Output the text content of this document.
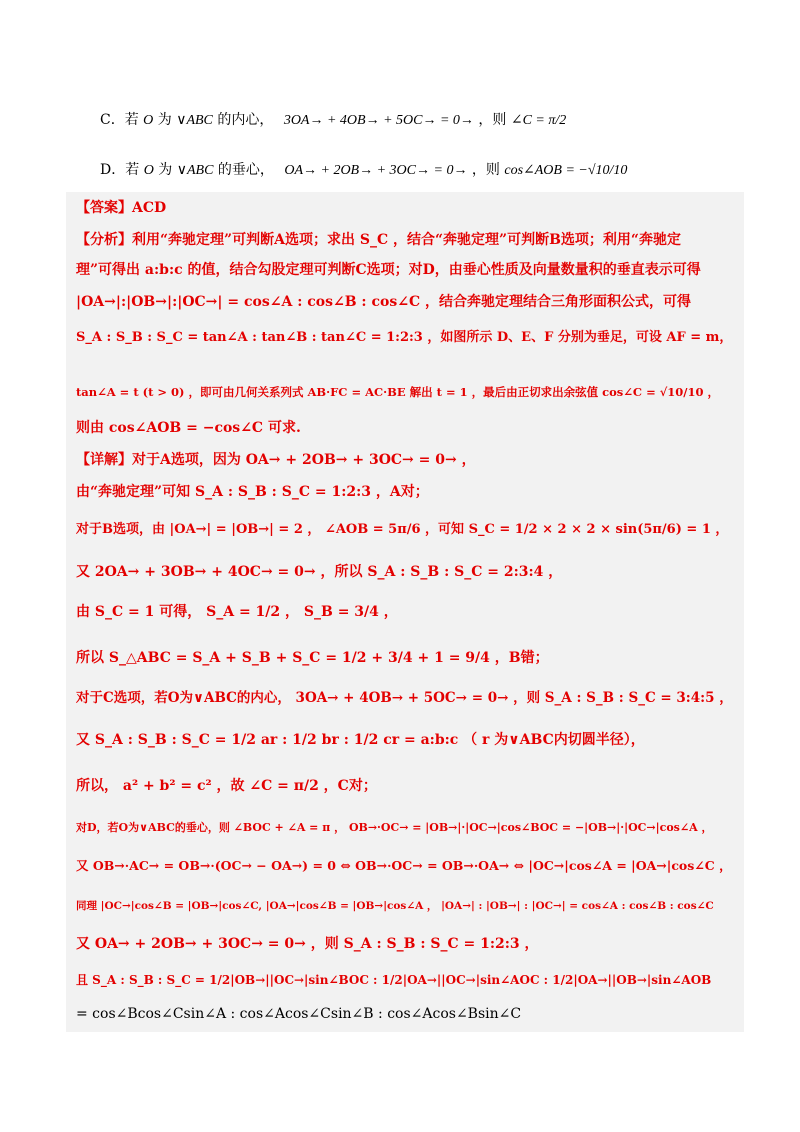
C．若 O 为 ∨ABC 的内心， 3OA→ + 4OB→ + 5OC→ = 0→ ，则 ∠C = π/2
D．若 O 为 ∨ABC 的垂心， OA→ + 2OB→ + 3OC→ = 0→ ，则 cos∠AOB = −√10/10
【答案】ACD
【分析】利用“奔驰定理”可判断A选项；求出 S_C ，结合“奔驰定理”可判断B选项；利用“奔驰定
理”可得出 a:b:c 的值，结合勾股定理可判断C选项；对D，由垂心性质及向量数量积的垂直表示可得
|OA→|:|OB→|:|OC→| = cos∠A : cos∠B : cos∠C ，结合奔驰定理结合三角形面积公式，可得
S_A : S_B : S_C = tan∠A : tan∠B : tan∠C = 1:2:3 ，如图所示 D、E、F 分别为垂足，可设 AF = m，
tan∠A = t (t > 0) ，即可由几何关系列式 AB·FC = AC·BE 解出 t = 1 ，最后由正切求出余弦值 cos∠C = √10/10 ，
则由 cos∠AOB = −cos∠C 可求.
【详解】对于A选项，因为 OA→ + 2OB→ + 3OC→ = 0→ ，
由“奔驰定理”可知 S_A : S_B : S_C = 1:2:3 ，A对；
对于B选项，由 |OA→| = |OB→| = 2 ， ∠AOB = 5π/6 ，可知 S_C = 1/2 × 2 × 2 × sin(5π/6) = 1 ，
又 2OA→ + 3OB→ + 4OC→ = 0→ ，所以 S_A : S_B : S_C = 2:3:4 ，
由 S_C = 1 可得， S_A = 1/2 ， S_B = 3/4 ，
所以 S_△ABC = S_A + S_B + S_C = 1/2 + 3/4 + 1 = 9/4 ，B错；
对于C选项，若O为∨ABC的内心， 3OA→ + 4OB→ + 5OC→ = 0→ ，则 S_A : S_B : S_C = 3:4:5 ，
又 S_A : S_B : S_C = 1/2 ar : 1/2 br : 1/2 cr = a:b:c （ r 为∨ABC内切圆半径），
所以， a² + b² = c² ，故 ∠C = π/2 ，C对；
对D，若O为∨ABC的垂心，则 ∠BOC + ∠A = π ， OB→·OC→ = |OB→|·|OC→|cos∠BOC = −|OB→|·|OC→|cos∠A ，
又 OB→·AC→ = OB→·(OC→ − OA→) = 0 ⇔ OB→·OC→ = OB→·OA→ ⇔ |OC→|cos∠A = |OA→|cos∠C ，
同理 |OC→|cos∠B = |OB→|cos∠C, |OA→|cos∠B = |OB→|cos∠A ， |OA→| : |OB→| : |OC→| = cos∠A : cos∠B : cos∠C
又 OA→ + 2OB→ + 3OC→ = 0→ ，则 S_A : S_B : S_C = 1:2:3 ，
且 S_A : S_B : S_C = 1/2|OB→||OC→|sin∠BOC : 1/2|OA→||OC→|sin∠AOC : 1/2|OA→||OB→|sin∠AOB
= cos∠Bcos∠Csin∠A : cos∠Acos∠Csin∠B : cos∠Acos∠Bsin∠C
